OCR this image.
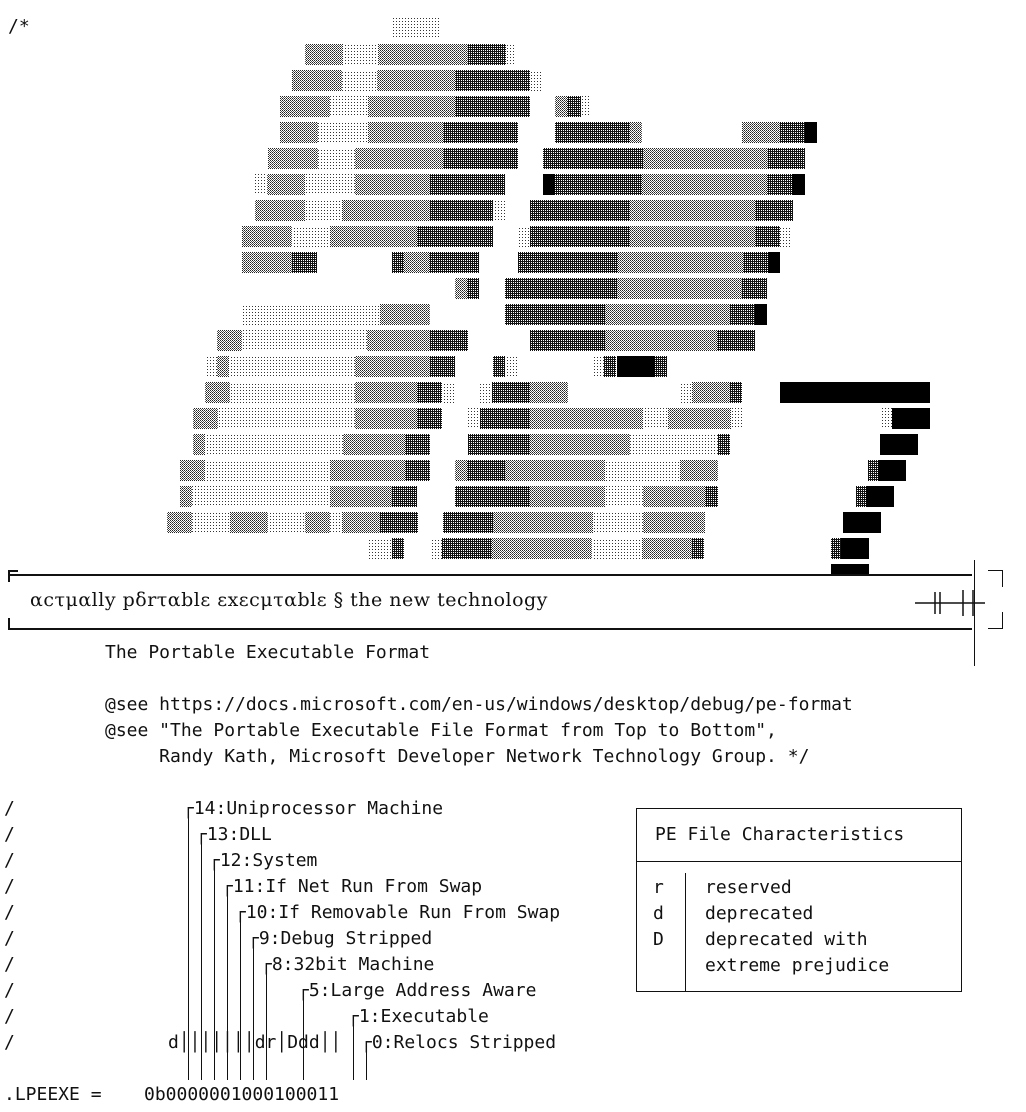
/*
αcτμαlly pδrταblε εxεcμταblε § the new technology
The Portable Executable Format
@see https://docs.microsoft.com/en-us/windows/desktop/debug/pe-format
@see "The Portable Executable File Format from Top to Bottom",
Randy Kath, Microsoft Developer Network Technology Group. */
/
/
/
/
/
/
/
/
/
/
┌14:Uniprocessor Machine
┌13:DLL
┌12:System
┌11:If Net Run From Swap
┌10:If Removable Run From Swap
┌9:Debug Stripped
┌8:32bit Machine
┌5:Large Address Aware
┌1:Executable
┌0:Relocs Stripped
d│││││││dr│Ddd││
.LPEEXE = 0b0000001000100011
PE File Characteristics
r reserved
d deprecated
D deprecated with
extreme prejudice
